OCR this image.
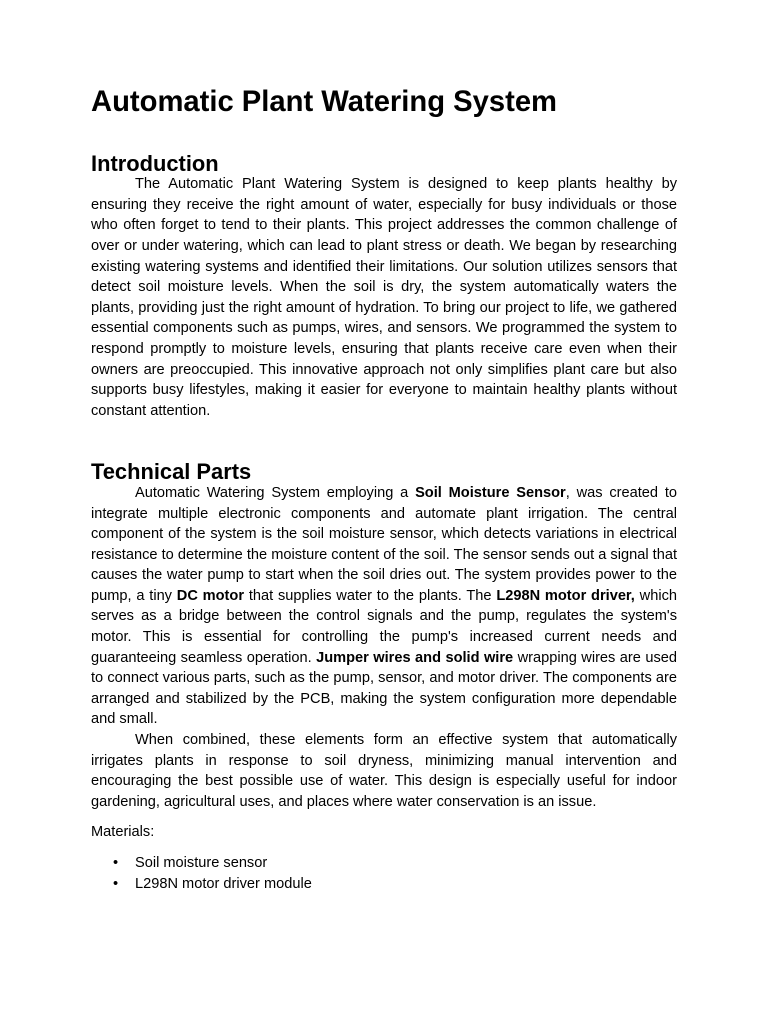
Automatic Plant Watering System
Introduction

The Automatic Plant Watering System is designed to keep plants healthy by ensuring they receive the right amount of water, especially for busy individuals or those who often forget to tend to their plants. This project addresses the common challenge of over or under watering, which can lead to plant stress or death. We began by researching existing watering systems and identified their limitations. Our solution utilizes sensors that detect soil moisture levels. When the soil is dry, the system automatically waters the plants, providing just the right amount of hydration. To bring our project to life, we gathered essential components such as pumps, wires, and sensors. We programmed the system to respond promptly to moisture levels, ensuring that plants receive care even when their owners are preoccupied. This innovative approach not only simplifies plant care but also supports busy lifestyles, making it easier for everyone to maintain healthy plants without constant attention.

Technical Parts

Automatic Watering System employing a Soil Moisture Sensor, was created to integrate multiple electronic components and automate plant irrigation. The central component of the system is the soil moisture sensor, which detects variations in electrical resistance to determine the moisture content of the soil. The sensor sends out a signal that causes the water pump to start when the soil dries out. The system provides power to the pump, a tiny DC motor that supplies water to the plants. The L298N motor driver, which serves as a bridge between the control signals and the pump, regulates the system's motor. This is essential for controlling the pump's increased current needs and guaranteeing seamless operation. Jumper wires and solid wire wrapping wires are used to connect various parts, such as the pump, sensor, and motor driver. The components are arranged and stabilized by the PCB, making the system configuration more dependable and small.

When combined, these elements form an effective system that automatically irrigates plants in response to soil dryness, minimizing manual intervention and encouraging the best possible use of water. This design is especially useful for indoor gardening, agricultural uses, and places where water conservation is an issue.

Materials:

• Soil moisture sensor
• L298N motor driver module
